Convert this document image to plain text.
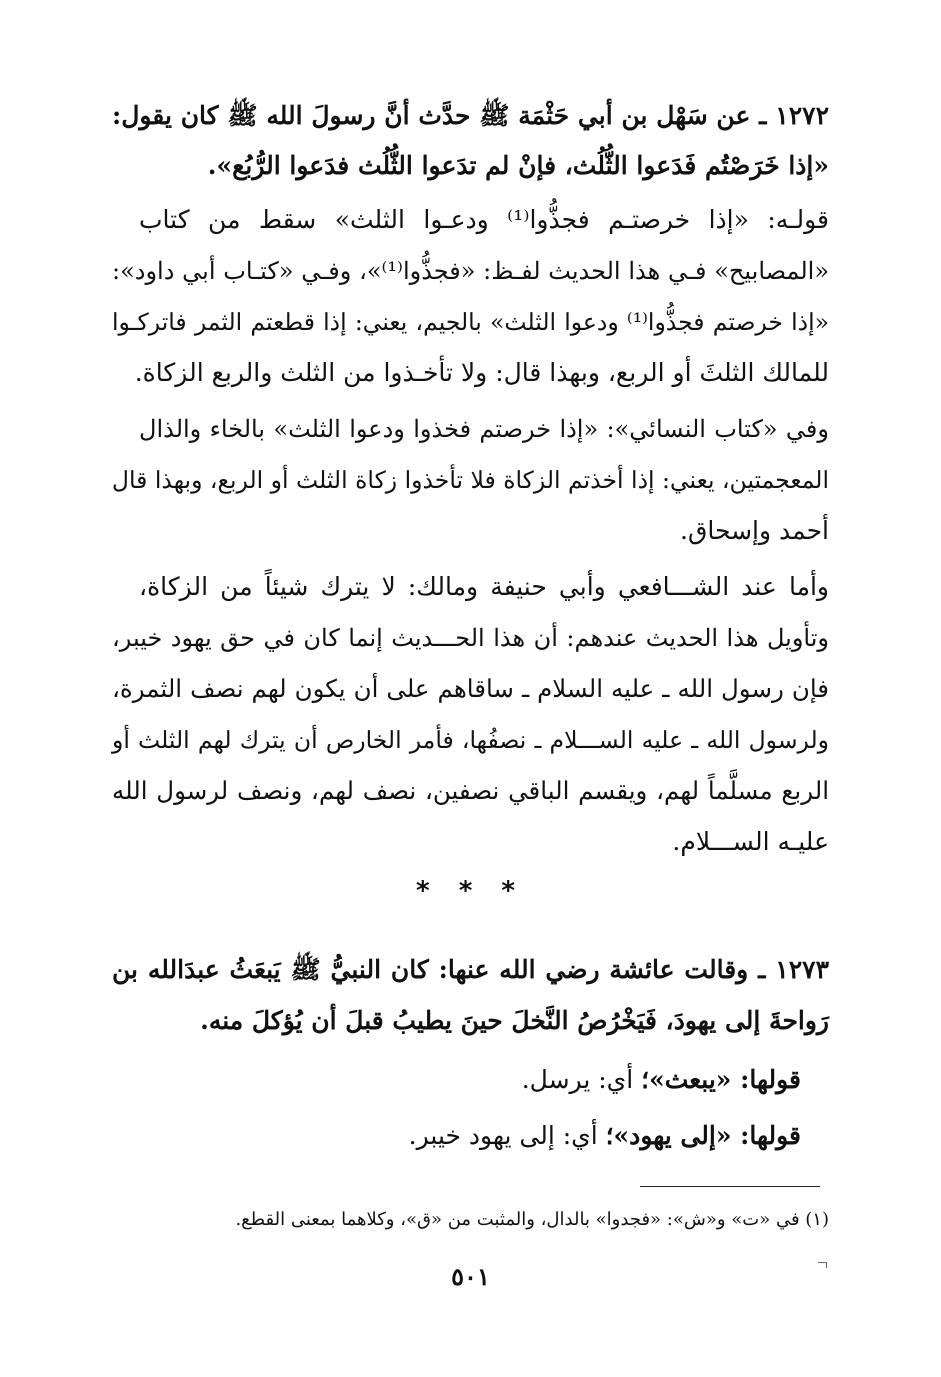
١٢٧٢ ـ عن سَهْل بن أبي حَثْمَة ﷺ حدَّث أنَّ رسولَ الله ﷺ كان يقول:
«إذا خَرَصْتُم فَدَعوا الثُّلُث، فإنْ لم تدَعوا الثُّلُث فدَعوا الرُّبُع».
قولـه: «إذا خرصتـم فجذُّوا⁽¹⁾ ودعـوا الثلث» سقط من كتاب
«المصابيح» فـي هذا الحديث لفـظ: «فجذُّوا⁽¹⁾»، وفـي «كتـاب أبي داود»:
«إذا خرصتم فجذُّوا⁽¹⁾ ودعوا الثلث» بالجيم، يعني: إذا قطعتم الثمر فاتركـوا
للمالك الثلثَ أو الربع، وبهذا قال: ولا تأخـذوا من الثلث والربع الزكاة.
وفي «كتاب النسائي»: «إذا خرصتم فخذوا ودعوا الثلث» بالخاء والذال
المعجمتين، يعني: إذا أخذتم الزكاة فلا تأخذوا زكاة الثلث أو الربع، وبهذا قال
أحمد وإسحاق.
وأما عند الشـــافعي وأبي حنيفة ومالك: لا يترك شيئاً من الزكاة،
وتأويل هذا الحديث عندهم: أن هذا الحـــديث إنما كان في حق يهود خيبر،
فإن رسول الله ـ عليه السلام ـ ساقاهم على أن يكون لهم نصف الثمرة،
ولرسول الله ـ عليه الســـلام ـ نصفُها، فأمر الخارص أن يترك لهم الثلث أو
الربع مسلَّماً لهم، ويقسم الباقي نصفين، نصف لهم، ونصف لرسول الله
عليـه الســـلام.
* * *
١٢٧٣ ـ وقالت عائشة رضي الله عنها: كان النبيُّ ﷺ يَبعَثُ عبدَالله بن
رَواحةَ إلى يهودَ، فَيَخْرُصُ النَّخلَ حينَ يطيبُ قبلَ أن يُؤكلَ منه.
قولها: «يبعث»؛ أي: يرسل.
قولها: «إلى يهود»؛ أي: إلى يهود خيبر.
(١) في «ت» و«ش»: «فجدوا» بالدال، والمثبت من «ق»، وكلاهما بمعنى القطع.
٥٠١
